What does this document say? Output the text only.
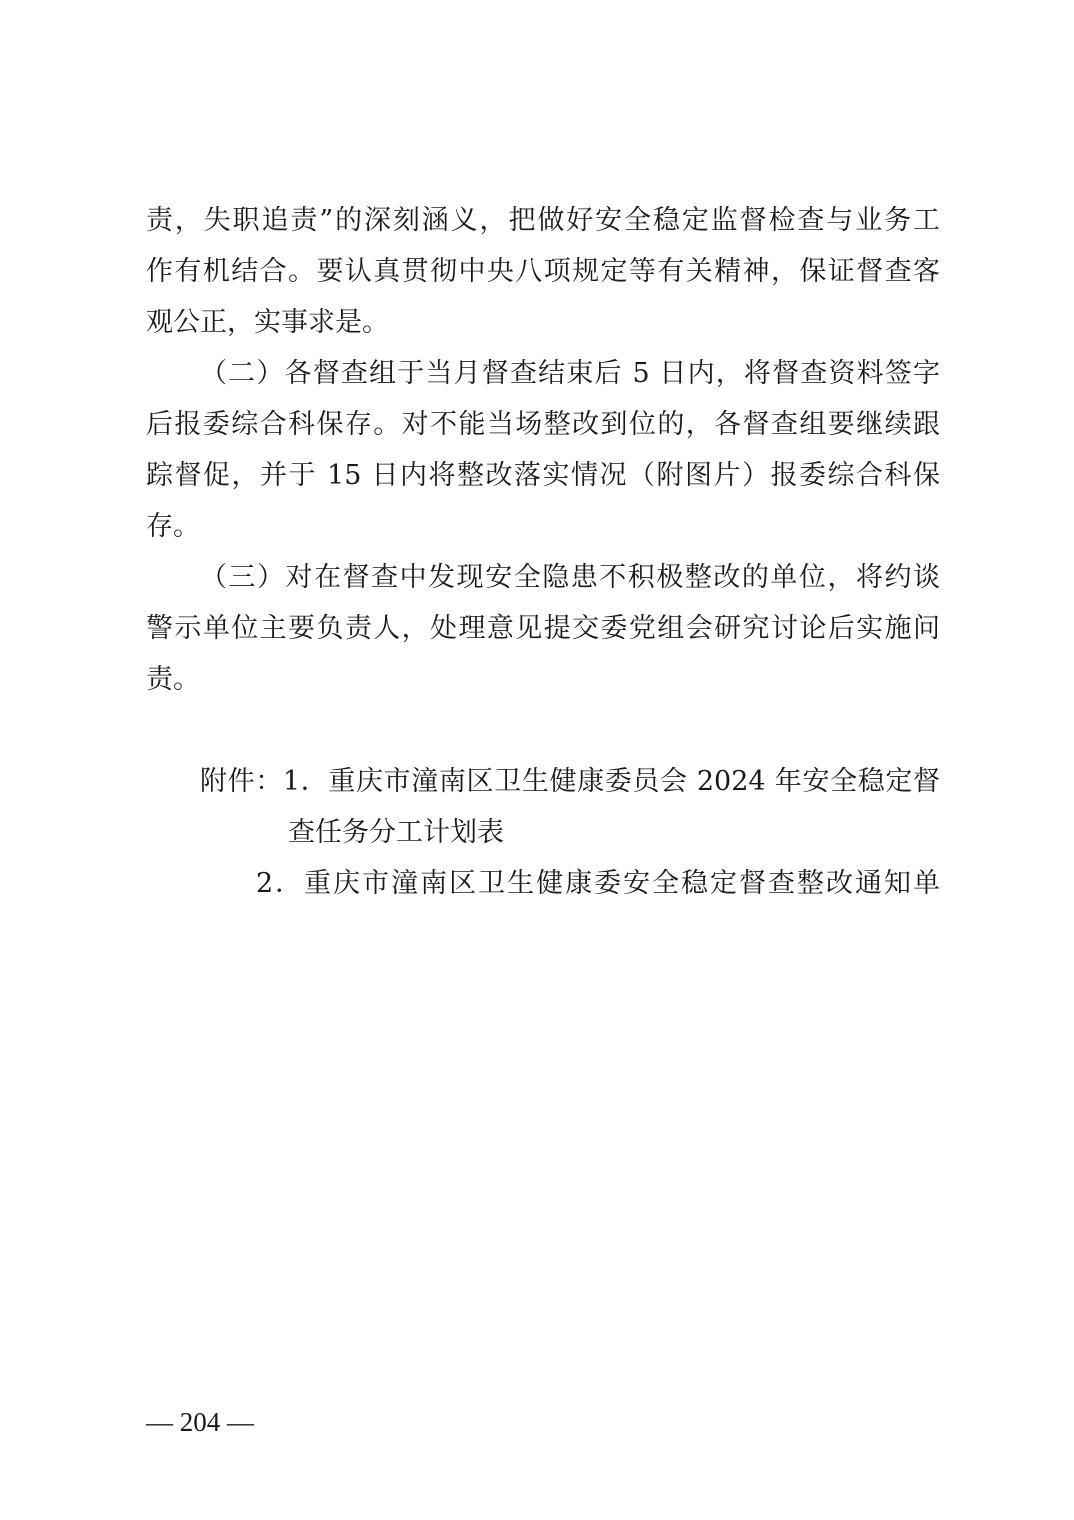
责，失职追责”的深刻涵义，把做好安全稳定监督检查与业务工
作有机结合。要认真贯彻中央八项规定等有关精神，保证督查客
观公正，实事求是。
（二）各督查组于当月督查结束后 5 日内，将督查资料签字
后报委综合科保存。对不能当场整改到位的，各督查组要继续跟
踪督促，并于 15 日内将整改落实情况（附图片）报委综合科保
存。
（三）对在督查中发现安全隐患不积极整改的单位，将约谈
警示单位主要负责人，处理意见提交委党组会研究讨论后实施问
责。
附件：1．重庆市潼南区卫生健康委员会 2024 年安全稳定督
查任务分工计划表
2．重庆市潼南区卫生健康委安全稳定督查整改通知单
— 204 —
